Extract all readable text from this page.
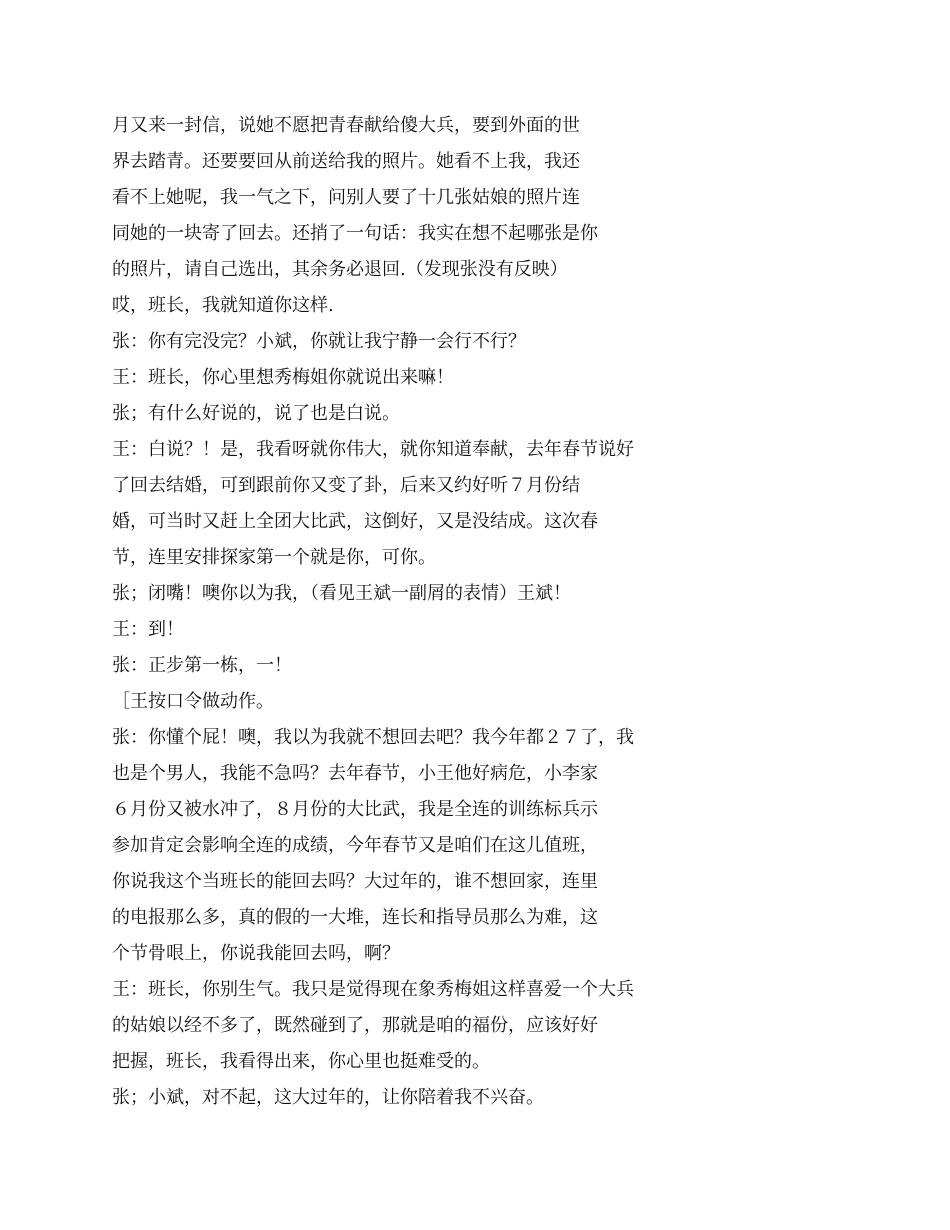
月又来一封信，说她不愿把青春献给傻大兵，要到外面的世
界去踏青。还要要回从前送给我的照片。她看不上我，我还
看不上她呢，我一气之下，问别人要了十几张姑娘的照片连
同她的一块寄了回去。还捎了一句话：我实在想不起哪张是你
的照片，请自己选出，其余务必退回.（发现张没有反映）
哎，班长，我就知道你这样.
张：你有完没完？小斌，你就让我宁静一会行不行？
王：班长，你心里想秀梅姐你就说出来嘛！
张；有什么好说的，说了也是白说。
王：白说？！是，我看呀就你伟大，就你知道奉献，去年春节说好
了回去结婚，可到跟前你又变了卦，后来又约好听７月份结
婚，可当时又赶上全团大比武，这倒好，又是没结成。这次春
节，连里安排探家第一个就是你，可你。
张；闭嘴！噢你以为我，（看见王斌一副屑的表情）王斌！
王：到！
张：正步第一栋，一！
［王按口令做动作。
张：你懂个屁！噢，我以为我就不想回去吧？我今年都２７了，我
也是个男人，我能不急吗？去年春节，小王他好病危，小李家
６月份又被水冲了，８月份的大比武，我是全连的训练标兵示
参加肯定会影响全连的成绩，今年春节又是咱们在这儿值班，
你说我这个当班长的能回去吗？大过年的，谁不想回家，连里
的电报那么多，真的假的一大堆，连长和指导员那么为难，这
个节骨哏上，你说我能回去吗，啊？
王：班长，你别生气。我只是觉得现在象秀梅姐这样喜爱一个大兵
的姑娘以经不多了，既然碰到了，那就是咱的福份，应该好好
把握，班长，我看得出来，你心里也挺难受的。
张；小斌，对不起，这大过年的，让你陪着我不兴奋。
